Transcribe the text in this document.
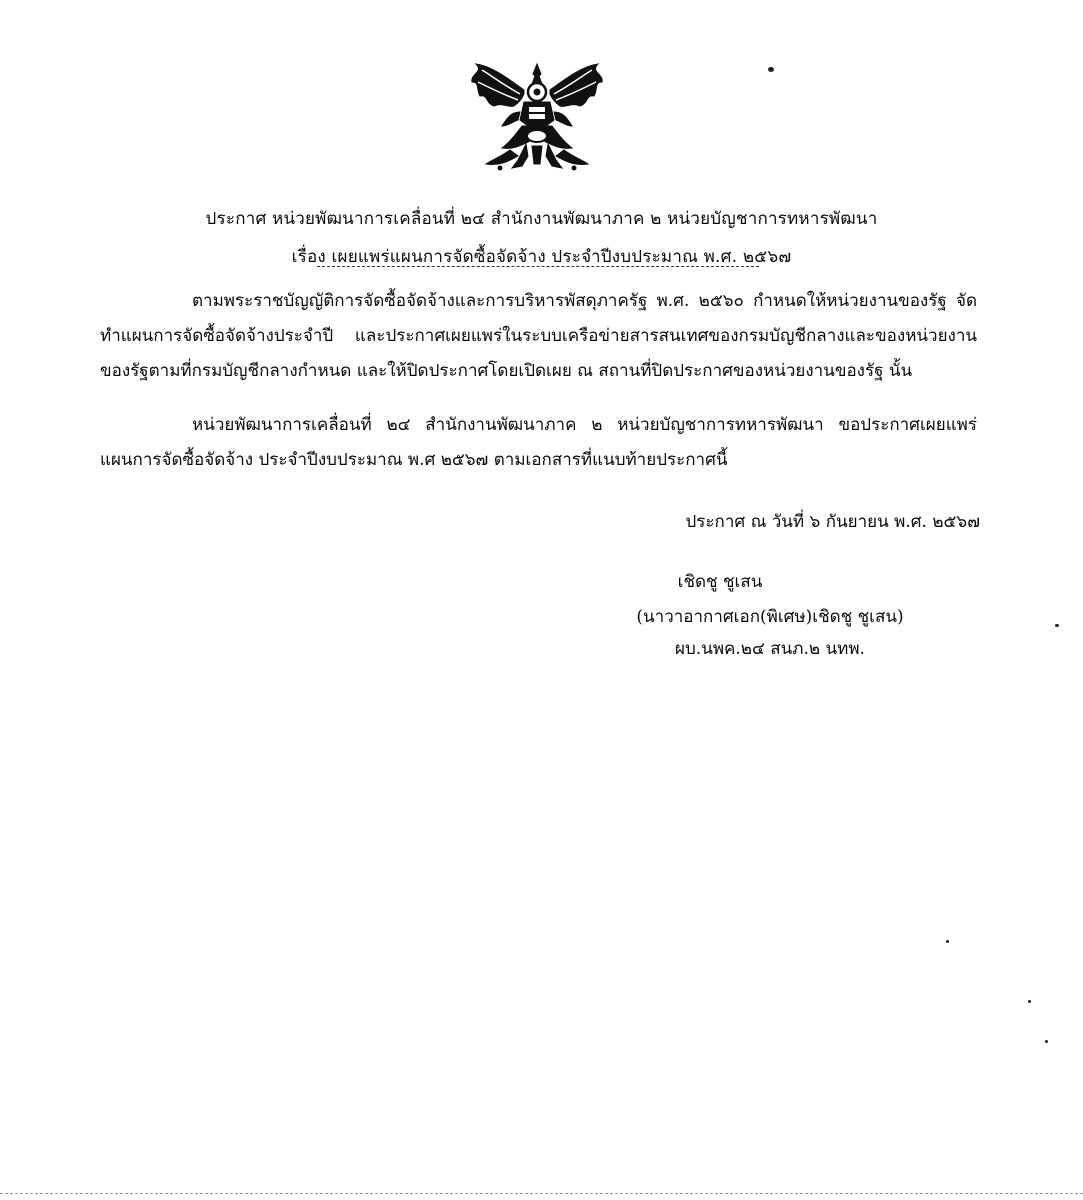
ประกาศ หน่วยพัฒนาการเคลื่อนที่ ๒๔ สำนักงานพัฒนาภาค ๒ หน่วยบัญชาการทหารพัฒนา
เรื่อง เผยแพร่แผนการจัดซื้อจัดจ้าง ประจำปีงบประมาณ พ.ศ. ๒๕๖๗
ตามพระราชบัญญัติการจัดซื้อจัดจ้างและการบริหารพัสดุภาครัฐ พ.ศ. ๒๕๖๐ กำหนดให้หน่วยงานของรัฐ จัดทำแผนการจัดซื้อจัดจ้างประจำปี และประกาศเผยแพร่ในระบบเครือข่ายสารสนเทศของกรมบัญชีกลางและของหน่วยงานของรัฐตามที่กรมบัญชีกลางกำหนด และให้ปิดประกาศโดยเปิดเผย ณ สถานที่ปิดประกาศของหน่วยงานของรัฐ นั้น
หน่วยพัฒนาการเคลื่อนที่ ๒๔ สำนักงานพัฒนาภาค ๒ หน่วยบัญชาการทหารพัฒนา ขอประกาศเผยแพร่แผนการจัดซื้อจัดจ้าง ประจำปีงบประมาณ พ.ศ ๒๕๖๗ ตามเอกสารที่แนบท้ายประกาศนี้
ประกาศ ณ วันที่ ๖ กันยายน พ.ศ. ๒๕๖๗
เชิดชู ชูเสน
(นาวาอากาศเอก(พิเศษ)เชิดชู ชูเสน)
ผบ.นพค.๒๔ สนภ.๒ นทพ.
